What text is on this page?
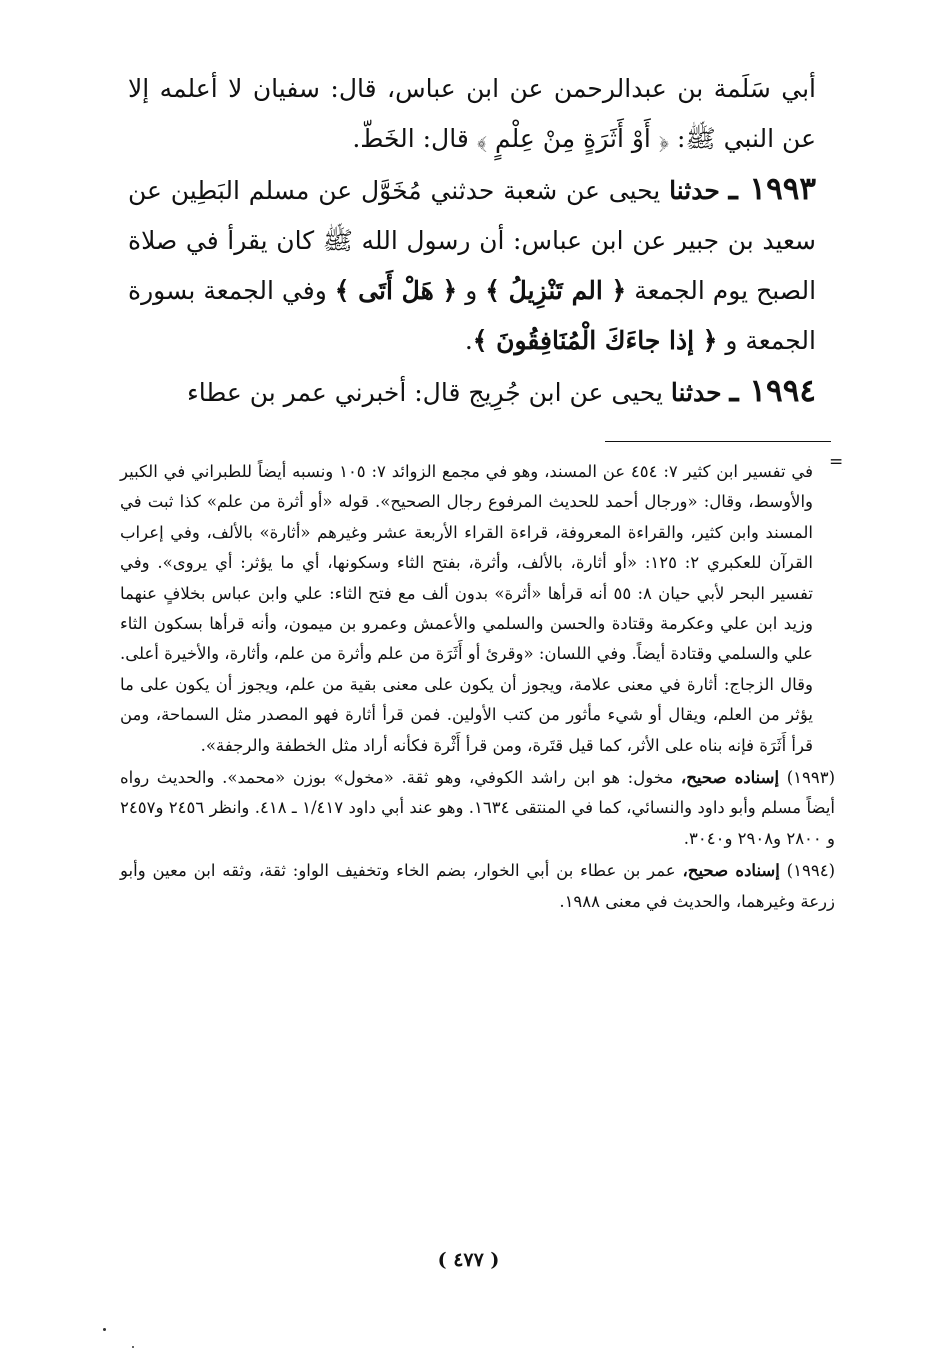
أبي سَلَمة بن عبدالرحمن عن ابن عباس، قال: سفيان لا أعلمه إلا عن النبي ﷺ: ﴿ أَوْ أَثَرَةٍ مِنْ عِلْمٍ ﴾ قال: الخَطّ.

١٩٩٣ ـ حدثنا يحيى عن شعبة حدثني مُخَوَّل عن مسلم البَطِين عن سعيد بن جبير عن ابن عباس: أن رسول الله ﷺ كان يقرأ في صلاة الصبح يوم الجمعة ﴿ الم تَنْزِيلُ ﴾ و ﴿ هَلْ أَتَى ﴾ وفي الجمعة بسورة الجمعة و ﴿ إذا جاءَكَ الْمُنَافِقُونَ ﴾.

١٩٩٤ ـ حدثنا يحيى عن ابن جُرِيج قال: أخبرني عمر بن عطاء

=

في تفسير ابن كثير ٧: ٤٥٤ عن المسند، وهو في مجمع الزوائد ٧: ١٠٥ ونسبه أيضاً للطبراني في الكبير والأوسط، وقال: «ورجال أحمد للحديث المرفوع رجال الصحيح». قوله «أو أثرة من علم» كذا ثبت في المسند وابن كثير، والقراءة المعروفة، قراءة القراء الأربعة عشر وغيرهم «أثارة» بالألف، وفي إعراب القرآن للعكبري ٢: ١٢٥: «أو أثارة، بالألف، وأثرة، بفتح الثاء وسكونها، أي ما يؤثر: أي يروى». وفي تفسير البحر لأبي حيان ٨: ٥٥ أنه قرأها «أثرة» بدون ألف مع فتح الثاء: علي وابن عباس بخلافٍ عنهما وزيد ابن علي وعكرمة وقتادة والحسن والسلمي والأعمش وعمرو بن ميمون، وأنه قرأها بسكون الثاء علي والسلمي وقتادة أيضاً. وفي اللسان: «وقرئ أو أَثَرَة من علم وأثرة من علم، وأثارة، والأخيرة أعلى. وقال الزجاج: أثارة في معنى علامة، ويجوز أن يكون على معنى بقية من علم، ويجوز أن يكون على ما يؤثر من العلم، ويقال أو شيء مأثور من كتب الأولين. فمن قرأ أثارة فهو المصدر مثل السماحة، ومن قرأ أَثَرَة فإنه بناه على الأثر، كما قيل قتَرة، ومن قرأ أَثْرة فكأنه أراد مثل الخطفة والرجفة».

(١٩٩٣) إسناده صحيح، مخول: هو ابن راشد الكوفي، وهو ثقة. «مخول» بوزن «محمد». والحديث رواه أيضاً مسلم وأبو داود والنسائي، كما في المنتقى ١٦٣٤. وهو عند أبي داود ١/٤١٧ ـ ٤١٨. وانظر ٢٤٥٦ و٢٤٥٧ و ٢٨٠٠ و٢٩٠٨ و٣٠٤٠.

(١٩٩٤) إسناده صحيح، عمر بن عطاء بن أبي الخوار، بضم الخاء وتخفيف الواو: ثقة، وثقه ابن معين وأبو زرعة وغيرهما، والحديث في معنى ١٩٨٨.

( ٤٧٧ )
